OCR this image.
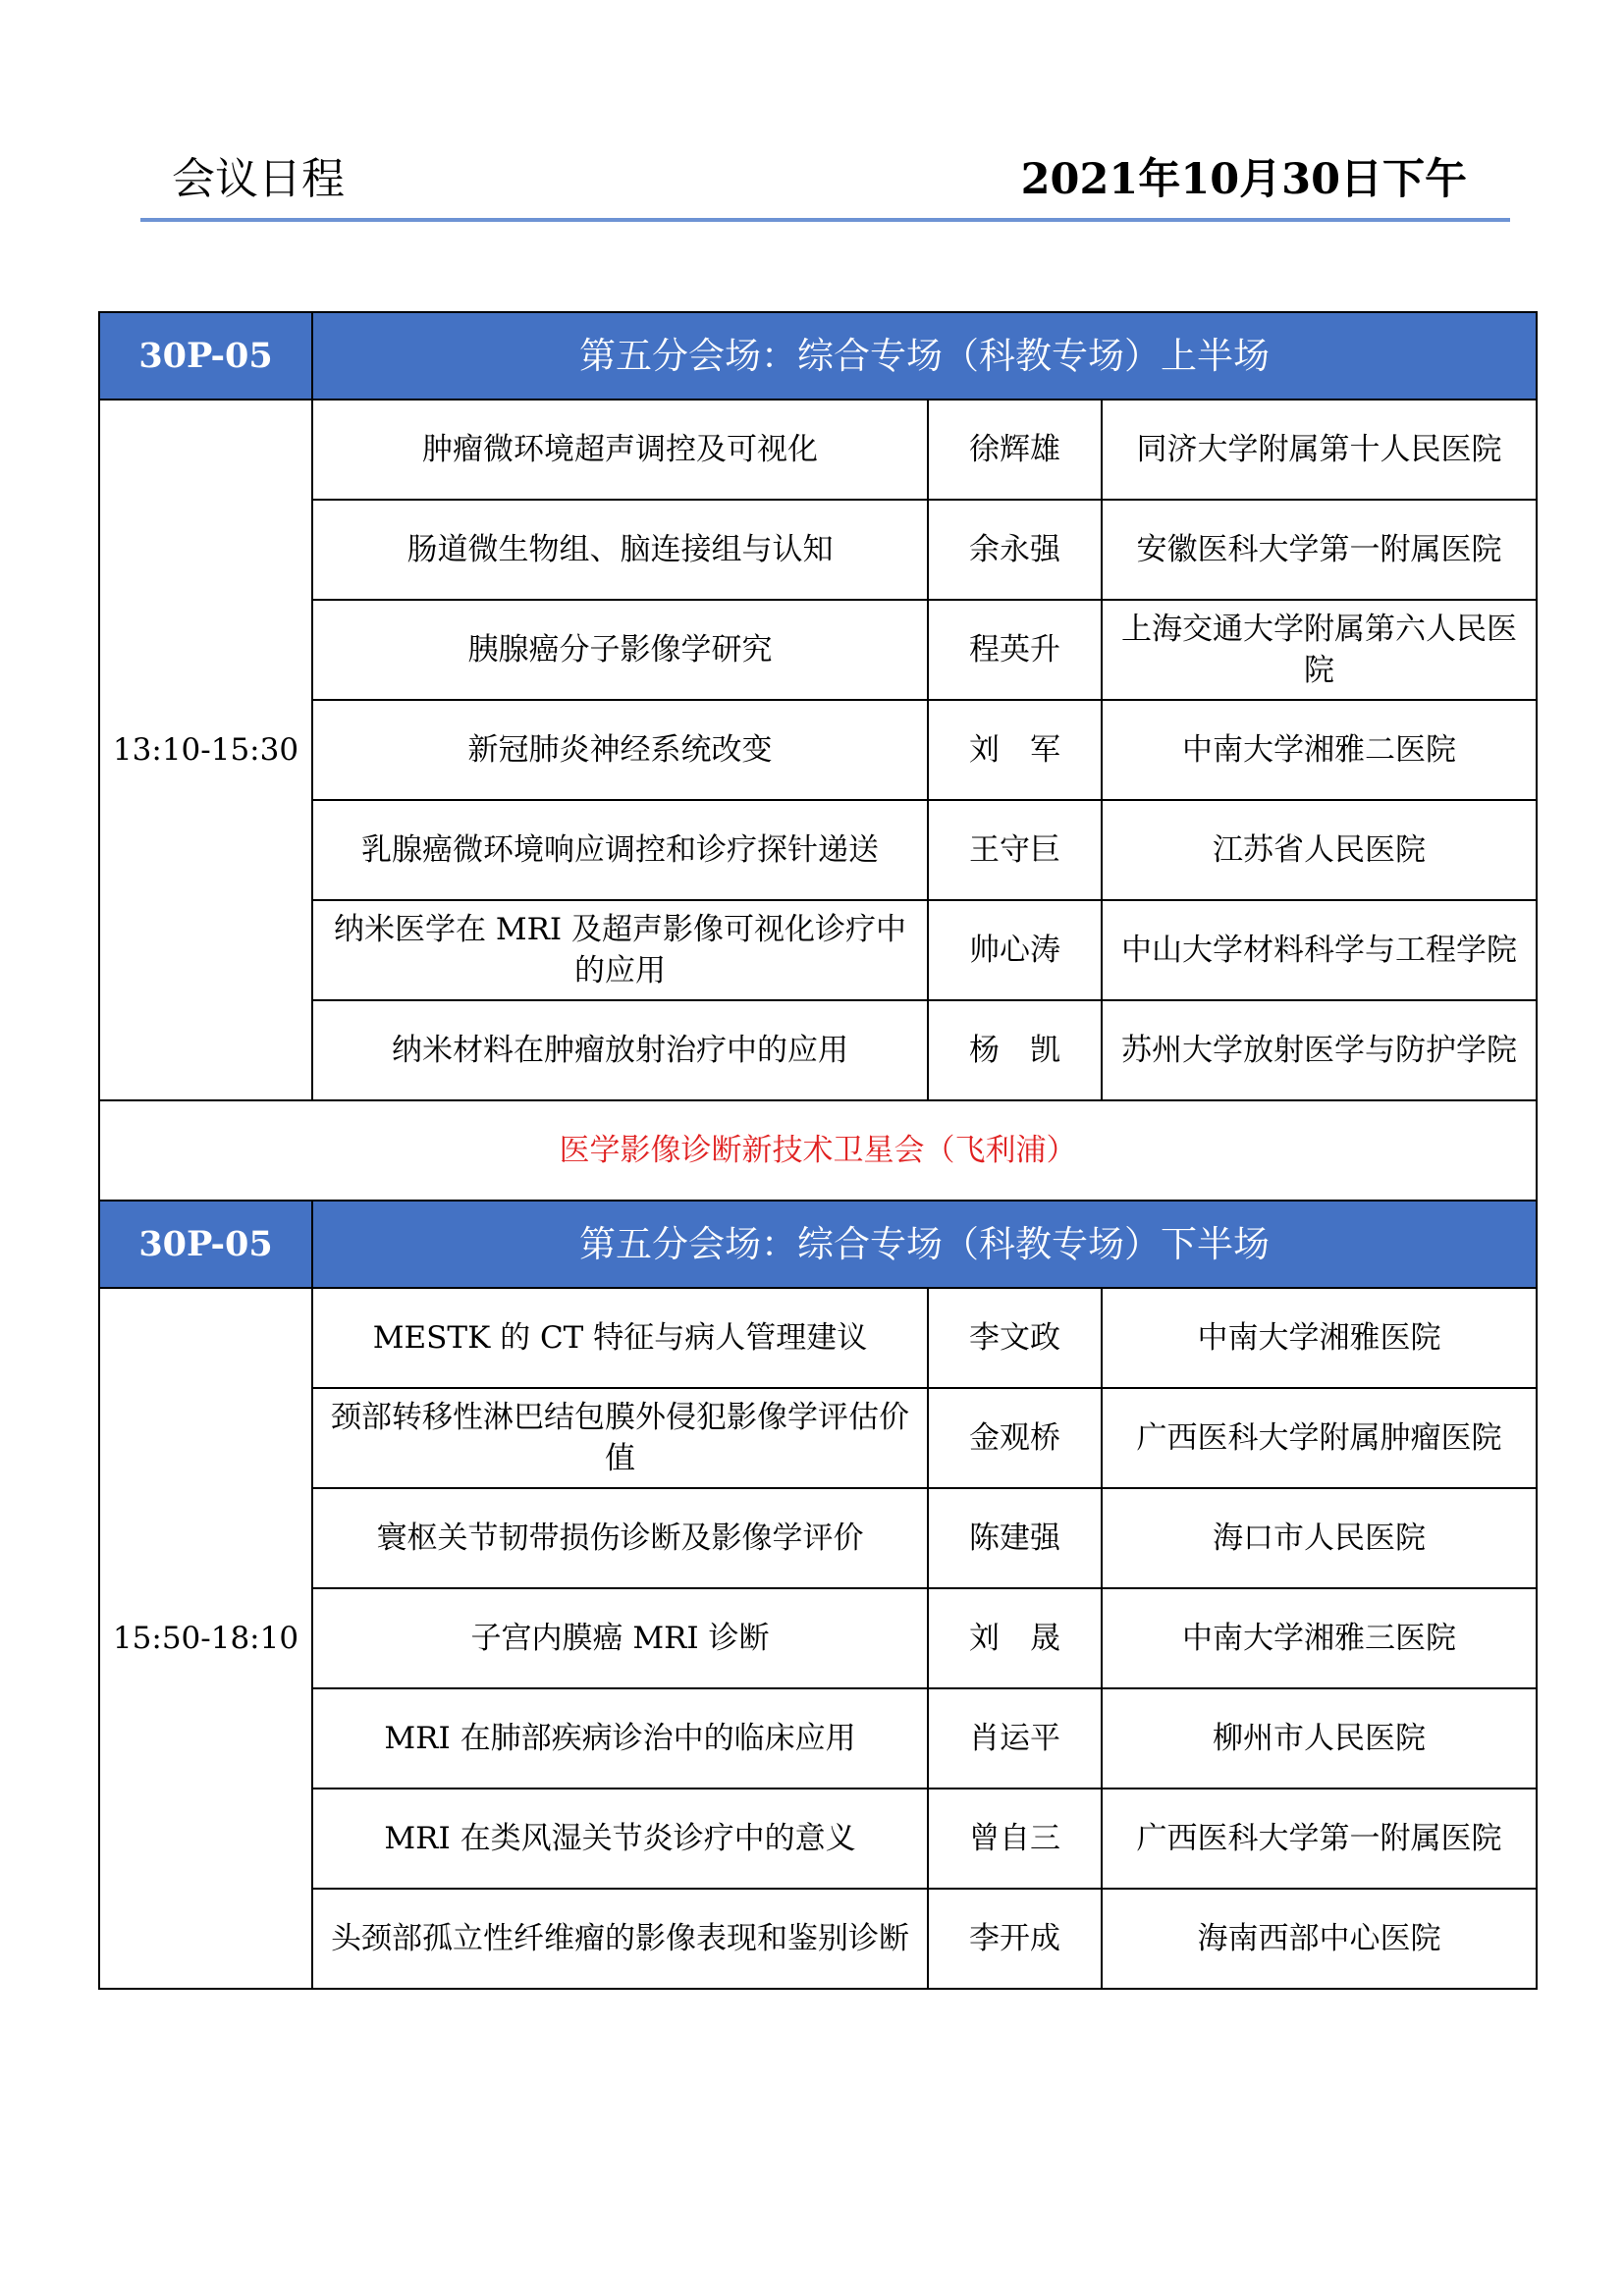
会议日程	2021年10月30日下午
30P-05	第五分会场：综合专场（科教专场）上半场		
13:10-15:30	肿瘤微环境超声调控及可视化	徐辉雄	同济大学附属第十人民医院
	肠道微生物组、脑连接组与认知	余永强	安徽医科大学第一附属医院
	胰腺癌分子影像学研究	程英升	上海交通大学附属第六人民医院
	新冠肺炎神经系统改变	刘　军	中南大学湘雅二医院
	乳腺癌微环境响应调控和诊疗探针递送	王守巨	江苏省人民医院
	纳米医学在 MRI 及超声影像可视化诊疗中的应用	帅心涛	中山大学材料科学与工程学院
	纳米材料在肿瘤放射治疗中的应用	杨　凯	苏州大学放射医学与防护学院
医学影像诊断新技术卫星会（飞利浦）			
30P-05	第五分会场：综合专场（科教专场）下半场		
15:50-18:10	MESTK 的 CT 特征与病人管理建议	李文政	中南大学湘雅医院
	颈部转移性淋巴结包膜外侵犯影像学评估价值	金观桥	广西医科大学附属肿瘤医院
	寰枢关节韧带损伤诊断及影像学评价	陈建强	海口市人民医院
	子宫内膜癌 MRI 诊断	刘　晟	中南大学湘雅三医院
	MRI 在肺部疾病诊治中的临床应用	肖运平	柳州市人民医院
	MRI 在类风湿关节炎诊疗中的意义	曾自三	广西医科大学第一附属医院
	头颈部孤立性纤维瘤的影像表现和鉴别诊断	李开成	海南西部中心医院
